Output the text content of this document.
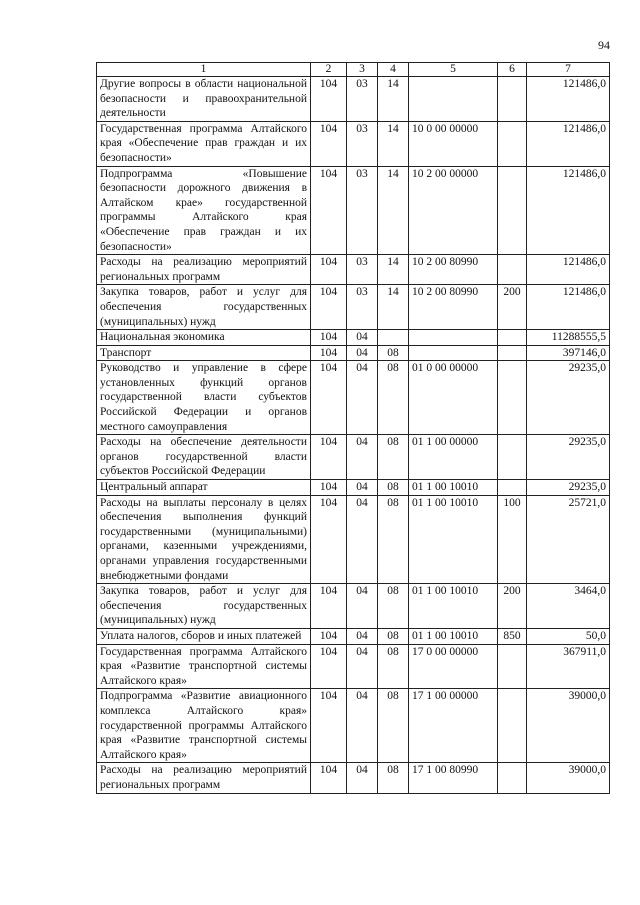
94
1	2	3	4	5	6	7
Другие вопросы в области национальной безопасности и правоохранительной деятельности	104	03	14			121486,0
Государственная программа Алтайского края «Обеспечение прав граждан и их безопасности»	104	03	14	10 0 00 00000		121486,0
Подпрограмма «Повышение безопасности дорожного движения в Алтайском крае» государственной программы Алтайского края «Обеспечение прав граждан и их безопасности»	104	03	14	10 2 00 00000		121486,0
Расходы на реализацию мероприятий региональных программ	104	03	14	10 2 00 80990		121486,0
Закупка товаров, работ и услуг для обеспечения государственных (муниципальных) нужд	104	03	14	10 2 00 80990	200	121486,0
Национальная экономика	104	04				11288555,5
Транспорт	104	04	08			397146,0
Руководство и управление в сфере установленных функций органов государственной власти субъектов Российской Федерации и органов местного самоуправления	104	04	08	01 0 00 00000		29235,0
Расходы на обеспечение деятельности органов государственной власти субъектов Российской Федерации	104	04	08	01 1 00 00000		29235,0
Центральный аппарат	104	04	08	01 1 00 10010		29235,0
Расходы на выплаты персоналу в целях обеспечения выполнения функций государственными (муниципальными) органами, казенными учреждениями, органами управления государственными внебюджетными фондами	104	04	08	01 1 00 10010	100	25721,0
Закупка товаров, работ и услуг для обеспечения государственных (муниципальных) нужд	104	04	08	01 1 00 10010	200	3464,0
Уплата налогов, сборов и иных платежей	104	04	08	01 1 00 10010	850	50,0
Государственная программа Алтайского края «Развитие транспортной системы Алтайского края»	104	04	08	17 0 00 00000		367911,0
Подпрограмма «Развитие авиационного комплекса Алтайского края» государственной программы Алтайского края «Развитие транспортной системы Алтайского края»	104	04	08	17 1 00 00000		39000,0
Расходы на реализацию мероприятий региональных программ	104	04	08	17 1 00 80990		39000,0
